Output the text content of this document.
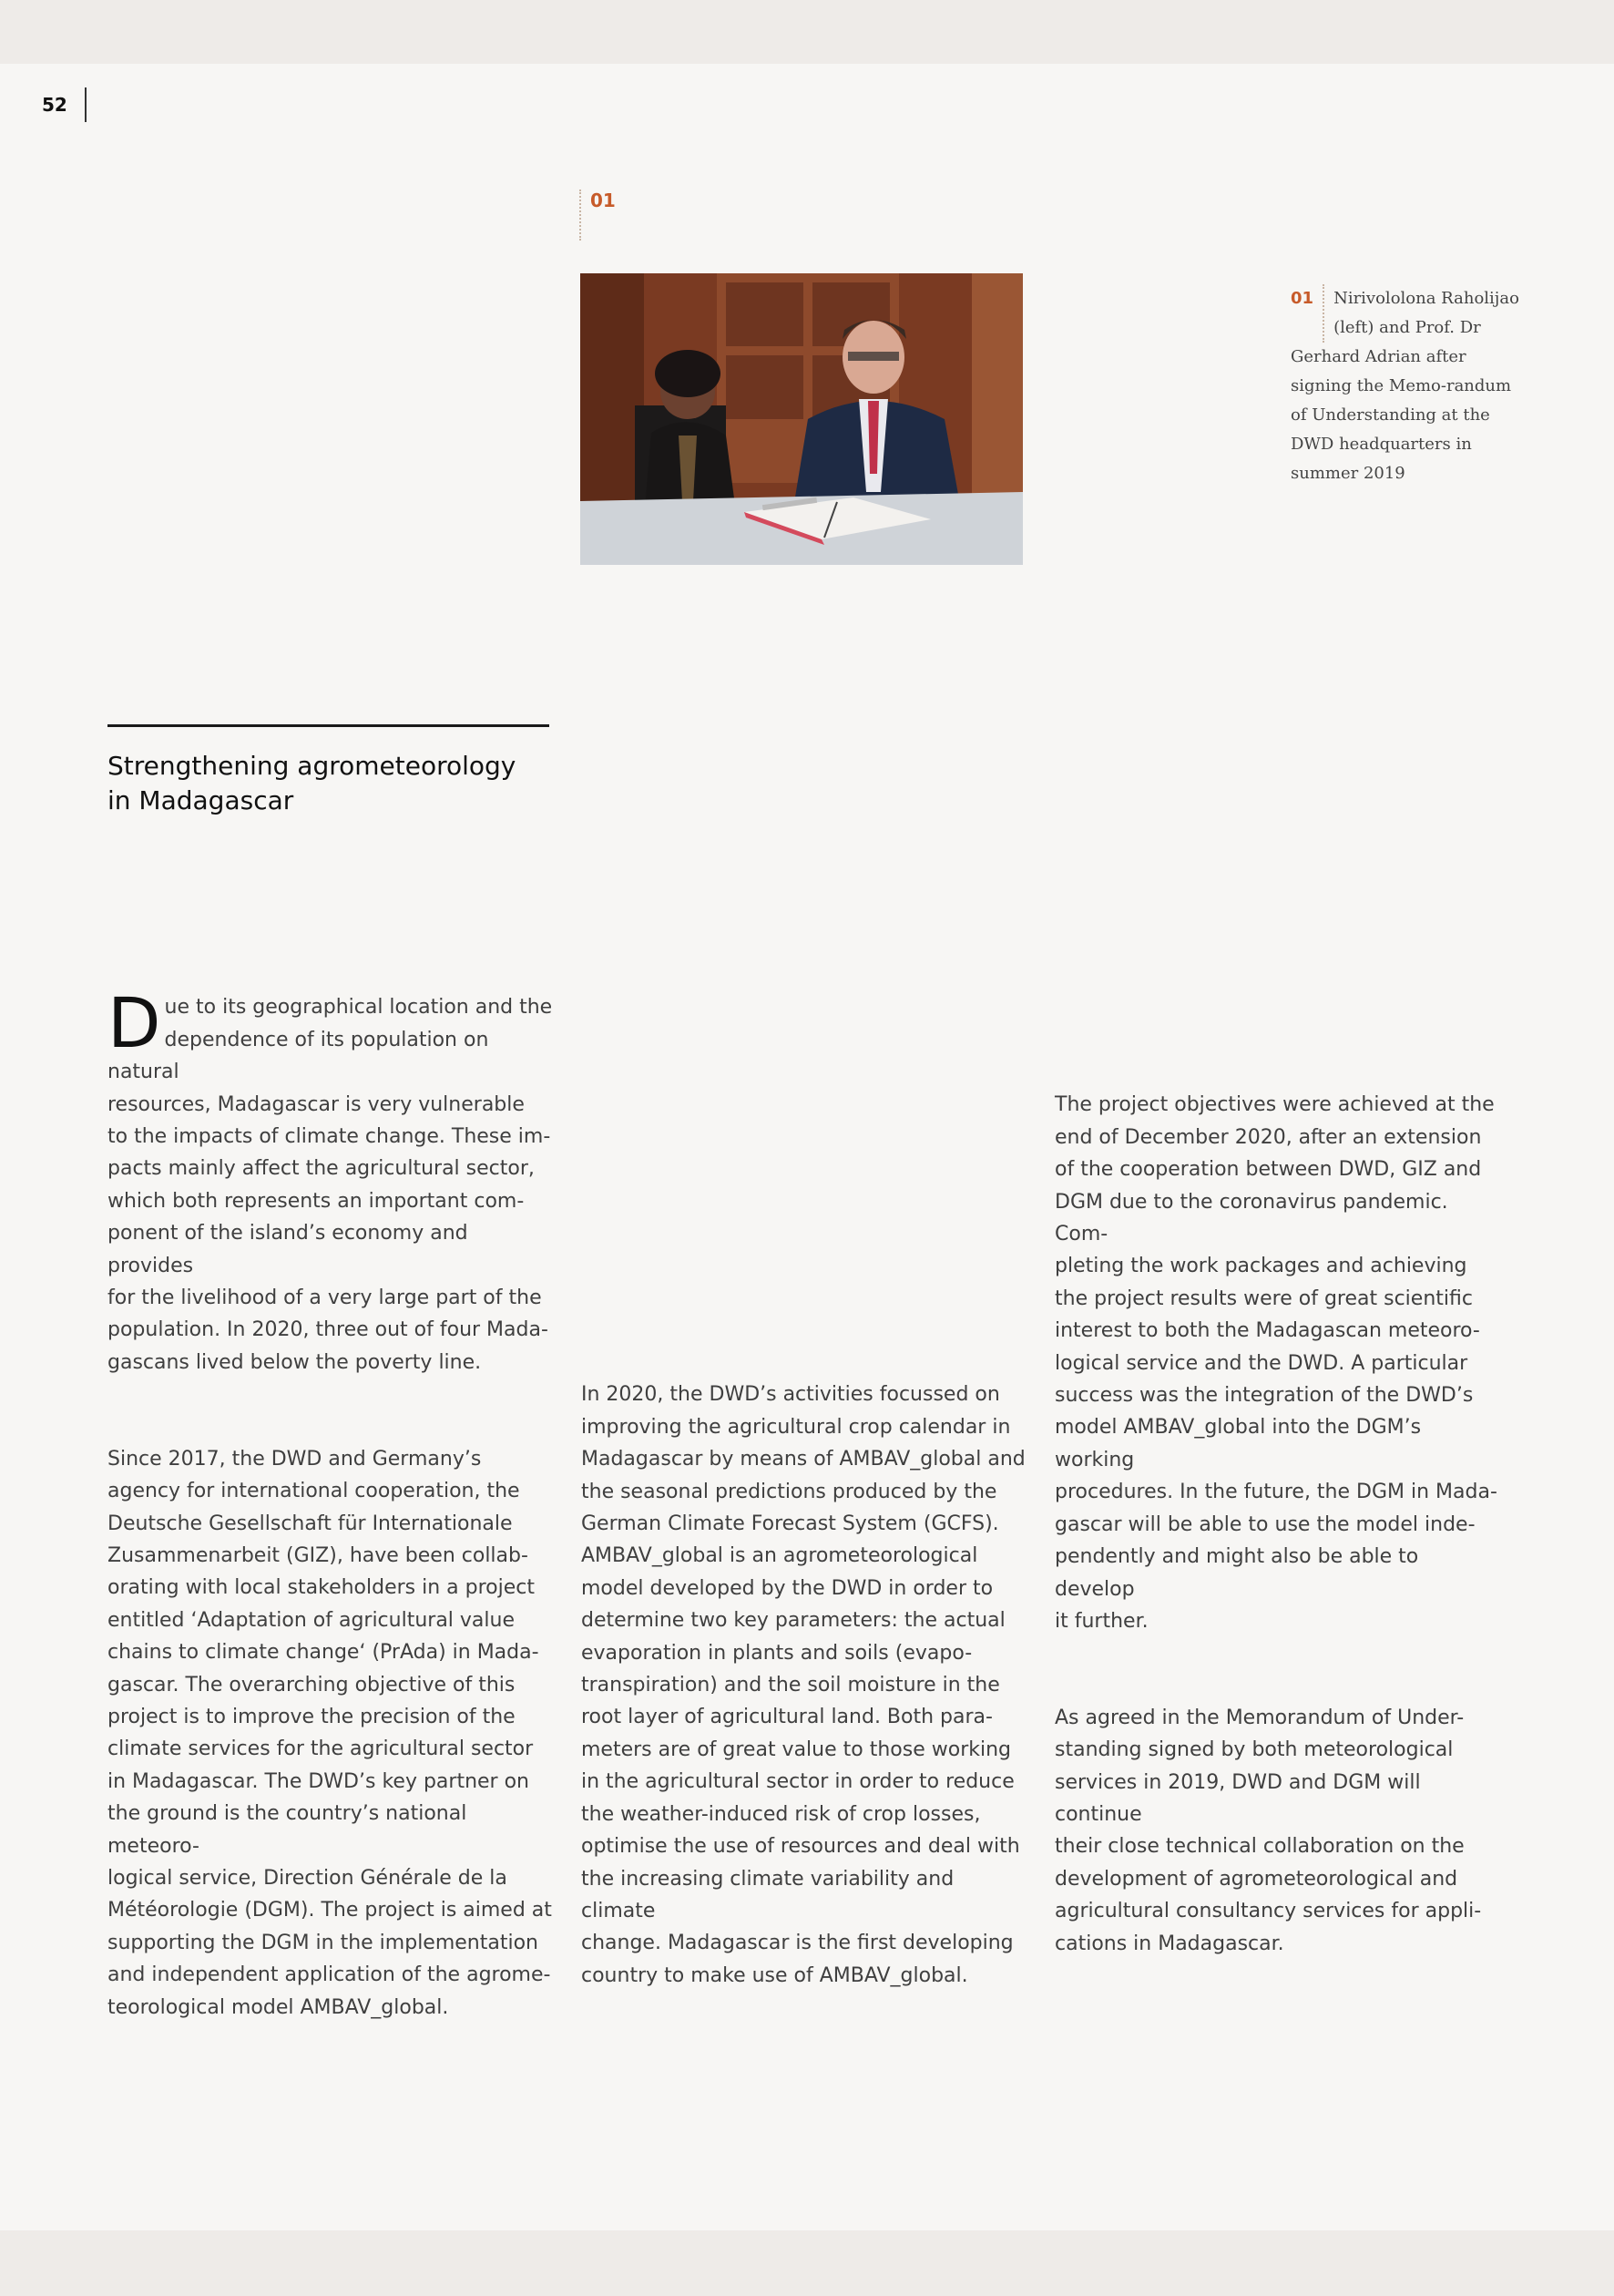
52
01
01	Nirivololona Raholijao (left) and Prof. Dr Gerhard Adrian after signing the Memo-randum of Understanding at the DWD headquarters in summer 2019
Strengthening agrometeorology
in Madagascar

Due to its geographical location and the
dependence of its population on natural
resources, Madagascar is very vulnerable
to the impacts of climate change. These im-
pacts mainly affect the agricultural sector,
which both represents an important com-
ponent of the island’s economy and provides
for the livelihood of a very large part of the
population. In 2020, three out of four Mada-
gascans lived below the poverty line.

Since 2017, the DWD and Germany’s
agency for international cooperation, the
Deutsche Gesellschaft für Internationale
Zusammenarbeit (GIZ), have been collab-
orating with local stakeholders in a project
entitled ‘Adaptation of agricultural value
chains to climate change‘ (PrAda) in Mada-
gascar. The overarching objective of this
project is to improve the precision of the
climate services for the agricultural sector
in Madagascar. The DWD’s key partner on
the ground is the country’s national meteoro-
logical service, Direction Générale de la
Météorologie (DGM). The project is aimed at
supporting the DGM in the implementation
and independent application of the agrome-
teorological model AMBAV_global.

In 2020, the DWD’s activities focussed on
improving the agricultural crop calendar in
Madagascar by means of AMBAV_global and
the seasonal predictions produced by the
German Climate Forecast System (GCFS).
AMBAV_global is an agrometeorological
model developed by the DWD in order to
determine two key parameters: the actual
evaporation in plants and soils (evapo-
transpiration) and the soil moisture in the
root layer of agricultural land. Both para-
meters are of great value to those working
in the agricultural sector in order to reduce
the weather-induced risk of crop losses,
optimise the use of resources and deal with
the increasing climate variability and climate
change. Madagascar is the first developing
country to make use of AMBAV_global.

The project objectives were achieved at the
end of December 2020, after an extension
of the cooperation between DWD, GIZ and
DGM due to the coronavirus pandemic. Com-
pleting the work packages and achieving
the project results were of great scientific
interest to both the Madagascan meteoro-
logical service and the DWD. A particular
success was the integration of the DWD’s
model AMBAV_global into the DGM’s working
procedures. In the future, the DGM in Mada-
gascar will be able to use the model inde-
pendently and might also be able to develop
it further.

As agreed in the Memorandum of Under-
standing signed by both meteorological
services in 2019, DWD and DGM will continue
their close technical collaboration on the
development of agrometeorological and
agricultural consultancy services for appli-
cations in Madagascar.
